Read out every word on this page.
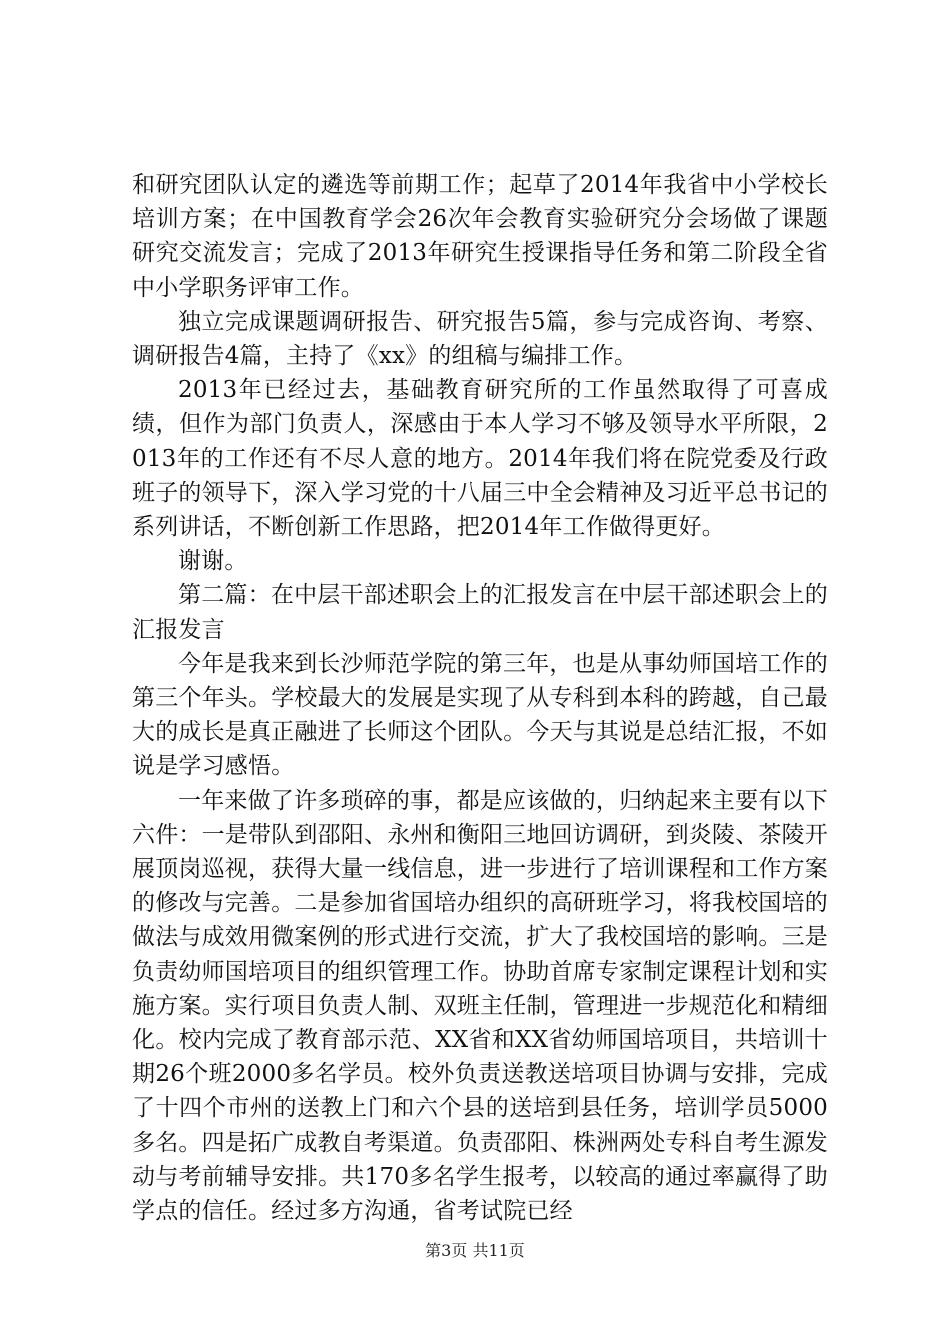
和研究团队认定的遴选等前期工作；起草了2014年我省中小学校长培训方案；在中国教育学会26次年会教育实验研究分会场做了课题研究交流发言；完成了2013年研究生授课指导任务和第二阶段全省中小学职务评审工作。

独立完成课题调研报告、研究报告5篇，参与完成咨询、考察、调研报告4篇，主持了《xx》的组稿与编排工作。

2013年已经过去，基础教育研究所的工作虽然取得了可喜成绩，但作为部门负责人，深感由于本人学习不够及领导水平所限，2013年的工作还有不尽人意的地方。2014年我们将在院党委及行政班子的领导下，深入学习党的十八届三中全会精神及习近平总书记的系列讲话，不断创新工作思路，把2014年工作做得更好。

谢谢。

第二篇：在中层干部述职会上的汇报发言在中层干部述职会上的汇报发言

今年是我来到长沙师范学院的第三年，也是从事幼师国培工作的第三个年头。学校最大的发展是实现了从专科到本科的跨越，自己最大的成长是真正融进了长师这个团队。今天与其说是总结汇报，不如说是学习感悟。

一年来做了许多琐碎的事，都是应该做的，归纳起来主要有以下六件：一是带队到邵阳、永州和衡阳三地回访调研，到炎陵、茶陵开展顶岗巡视，获得大量一线信息，进一步进行了培训课程和工作方案的修改与完善。二是参加省国培办组织的高研班学习，将我校国培的做法与成效用微案例的形式进行交流，扩大了我校国培的影响。三是负责幼师国培项目的组织管理工作。协助首席专家制定课程计划和实施方案。实行项目负责人制、双班主任制，管理进一步规范化和精细化。校内完成了教育部示范、XX省和XX省幼师国培项目，共培训十期26个班2000多名学员。校外负责送教送培项目协调与安排，完成了十四个市州的送教上门和六个县的送培到县任务，培训学员5000多名。四是拓广成教自考渠道。负责邵阳、株洲两处专科自考生源发动与考前辅导安排。共170多名学生报考，以较高的通过率赢得了助学点的信任。经过多方沟通，省考试院已经

第3页 共11页
